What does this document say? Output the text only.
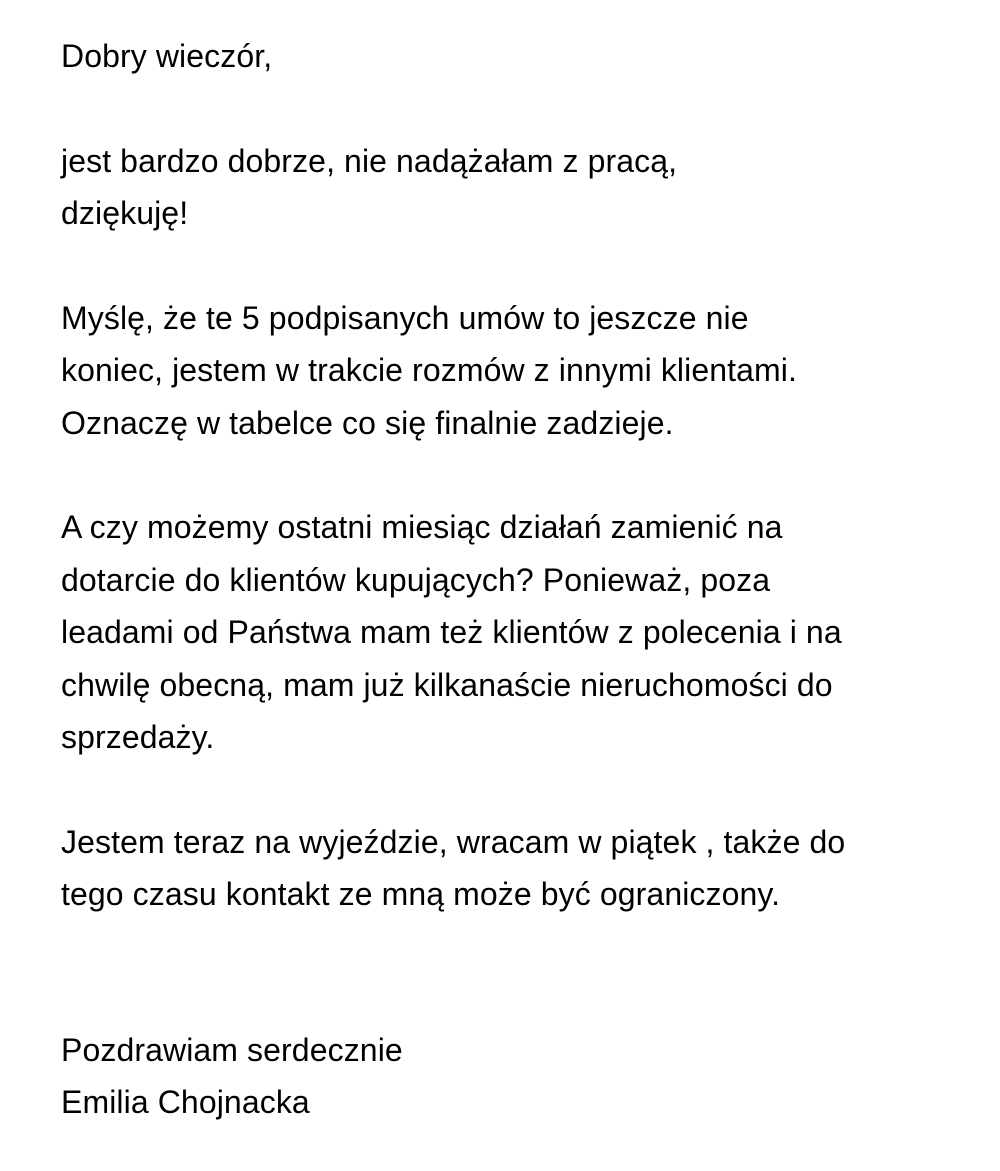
Dobry wieczór,
jest bardzo dobrze, nie nadążałam z pracą,
dziękuję!
Myślę, że te 5 podpisanych umów to jeszcze nie
koniec, jestem w trakcie rozmów z innymi klientami.
Oznaczę w tabelce co się finalnie zadzieje.
A czy możemy ostatni miesiąc działań zamienić na
dotarcie do klientów kupujących? Ponieważ, poza
leadami od Państwa mam też klientów z polecenia i na
chwilę obecną, mam już kilkanaście nieruchomości do
sprzedaży.
Jestem teraz na wyjeździe, wracam w piątek , także do
tego czasu kontakt ze mną może być ograniczony.
Pozdrawiam serdecznie
Emilia Chojnacka
